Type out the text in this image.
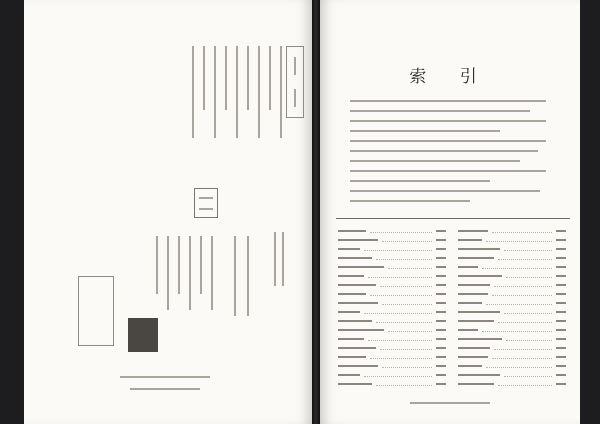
索 引
